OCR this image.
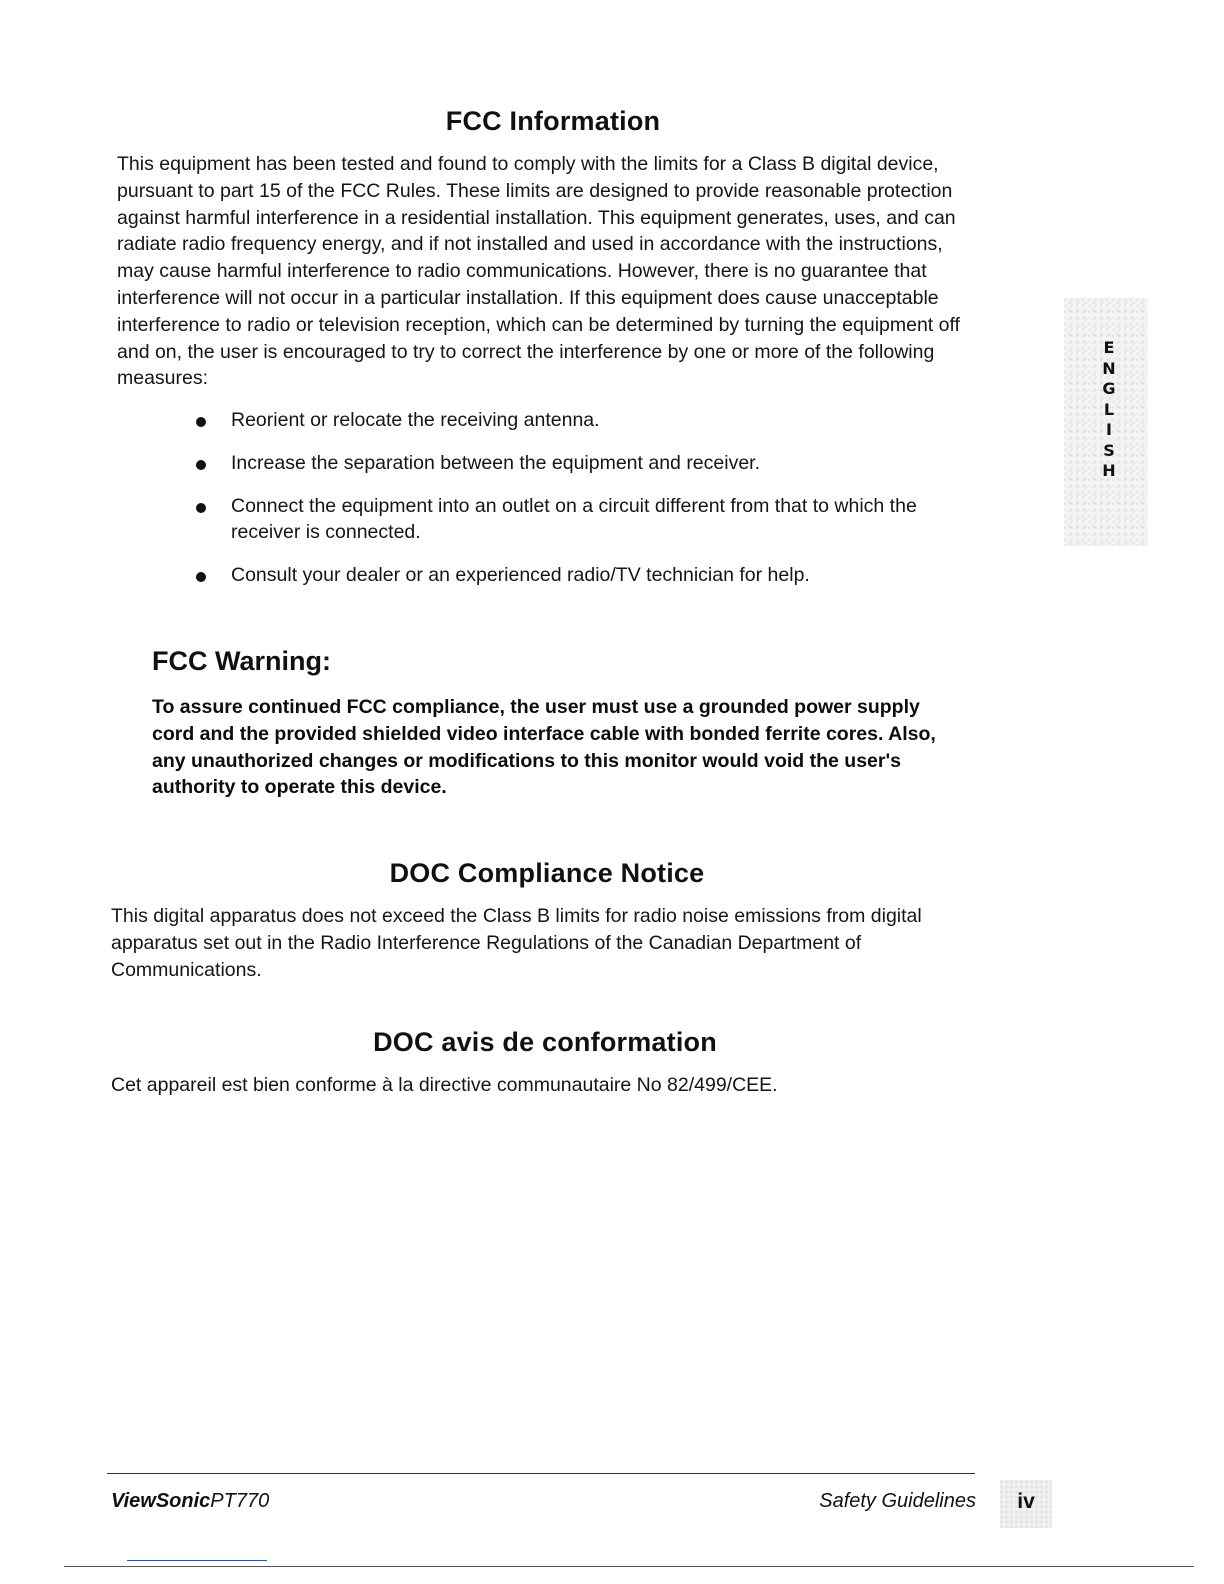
FCC Information
This equipment has been tested and found to comply with the limits for a Class B digital device, pursuant to part 15 of the FCC Rules. These limits are designed to provide reasonable protection against harmful interference in a residential installation. This equipment generates, uses, and can radiate radio frequency energy, and if not installed and used in accordance with the instructions, may cause harmful interference to radio communications. However, there is no guarantee that interference will not occur in a particular installation. If this equipment does cause unacceptable interference to radio or television reception, which can be determined by turning the equipment off and on, the user is encouraged to try to correct the interference by one or more of the following measures:
Reorient or relocate the receiving antenna.
Increase the separation between the equipment and receiver.
Connect the equipment into an outlet on a circuit different from that to which the receiver is connected.
Consult your dealer or an experienced radio/TV technician for help.
FCC Warning:
To assure continued FCC compliance, the user must use a grounded power supply cord and the provided shielded video interface cable with bonded ferrite cores. Also, any unauthorized changes or modifications to this monitor would void the user's authority to operate this device.
DOC Compliance Notice
This digital apparatus does not exceed the Class B limits for radio noise emissions from digital apparatus set out in the Radio Interference Regulations of the Canadian Department of Communications.
DOC avis de conformation
Cet appareil est bien conforme à la directive communautaire No 82/499/CEE.
E
N
G
L
I
S
H
ViewSonicPT770	Safety Guidelines	iv
